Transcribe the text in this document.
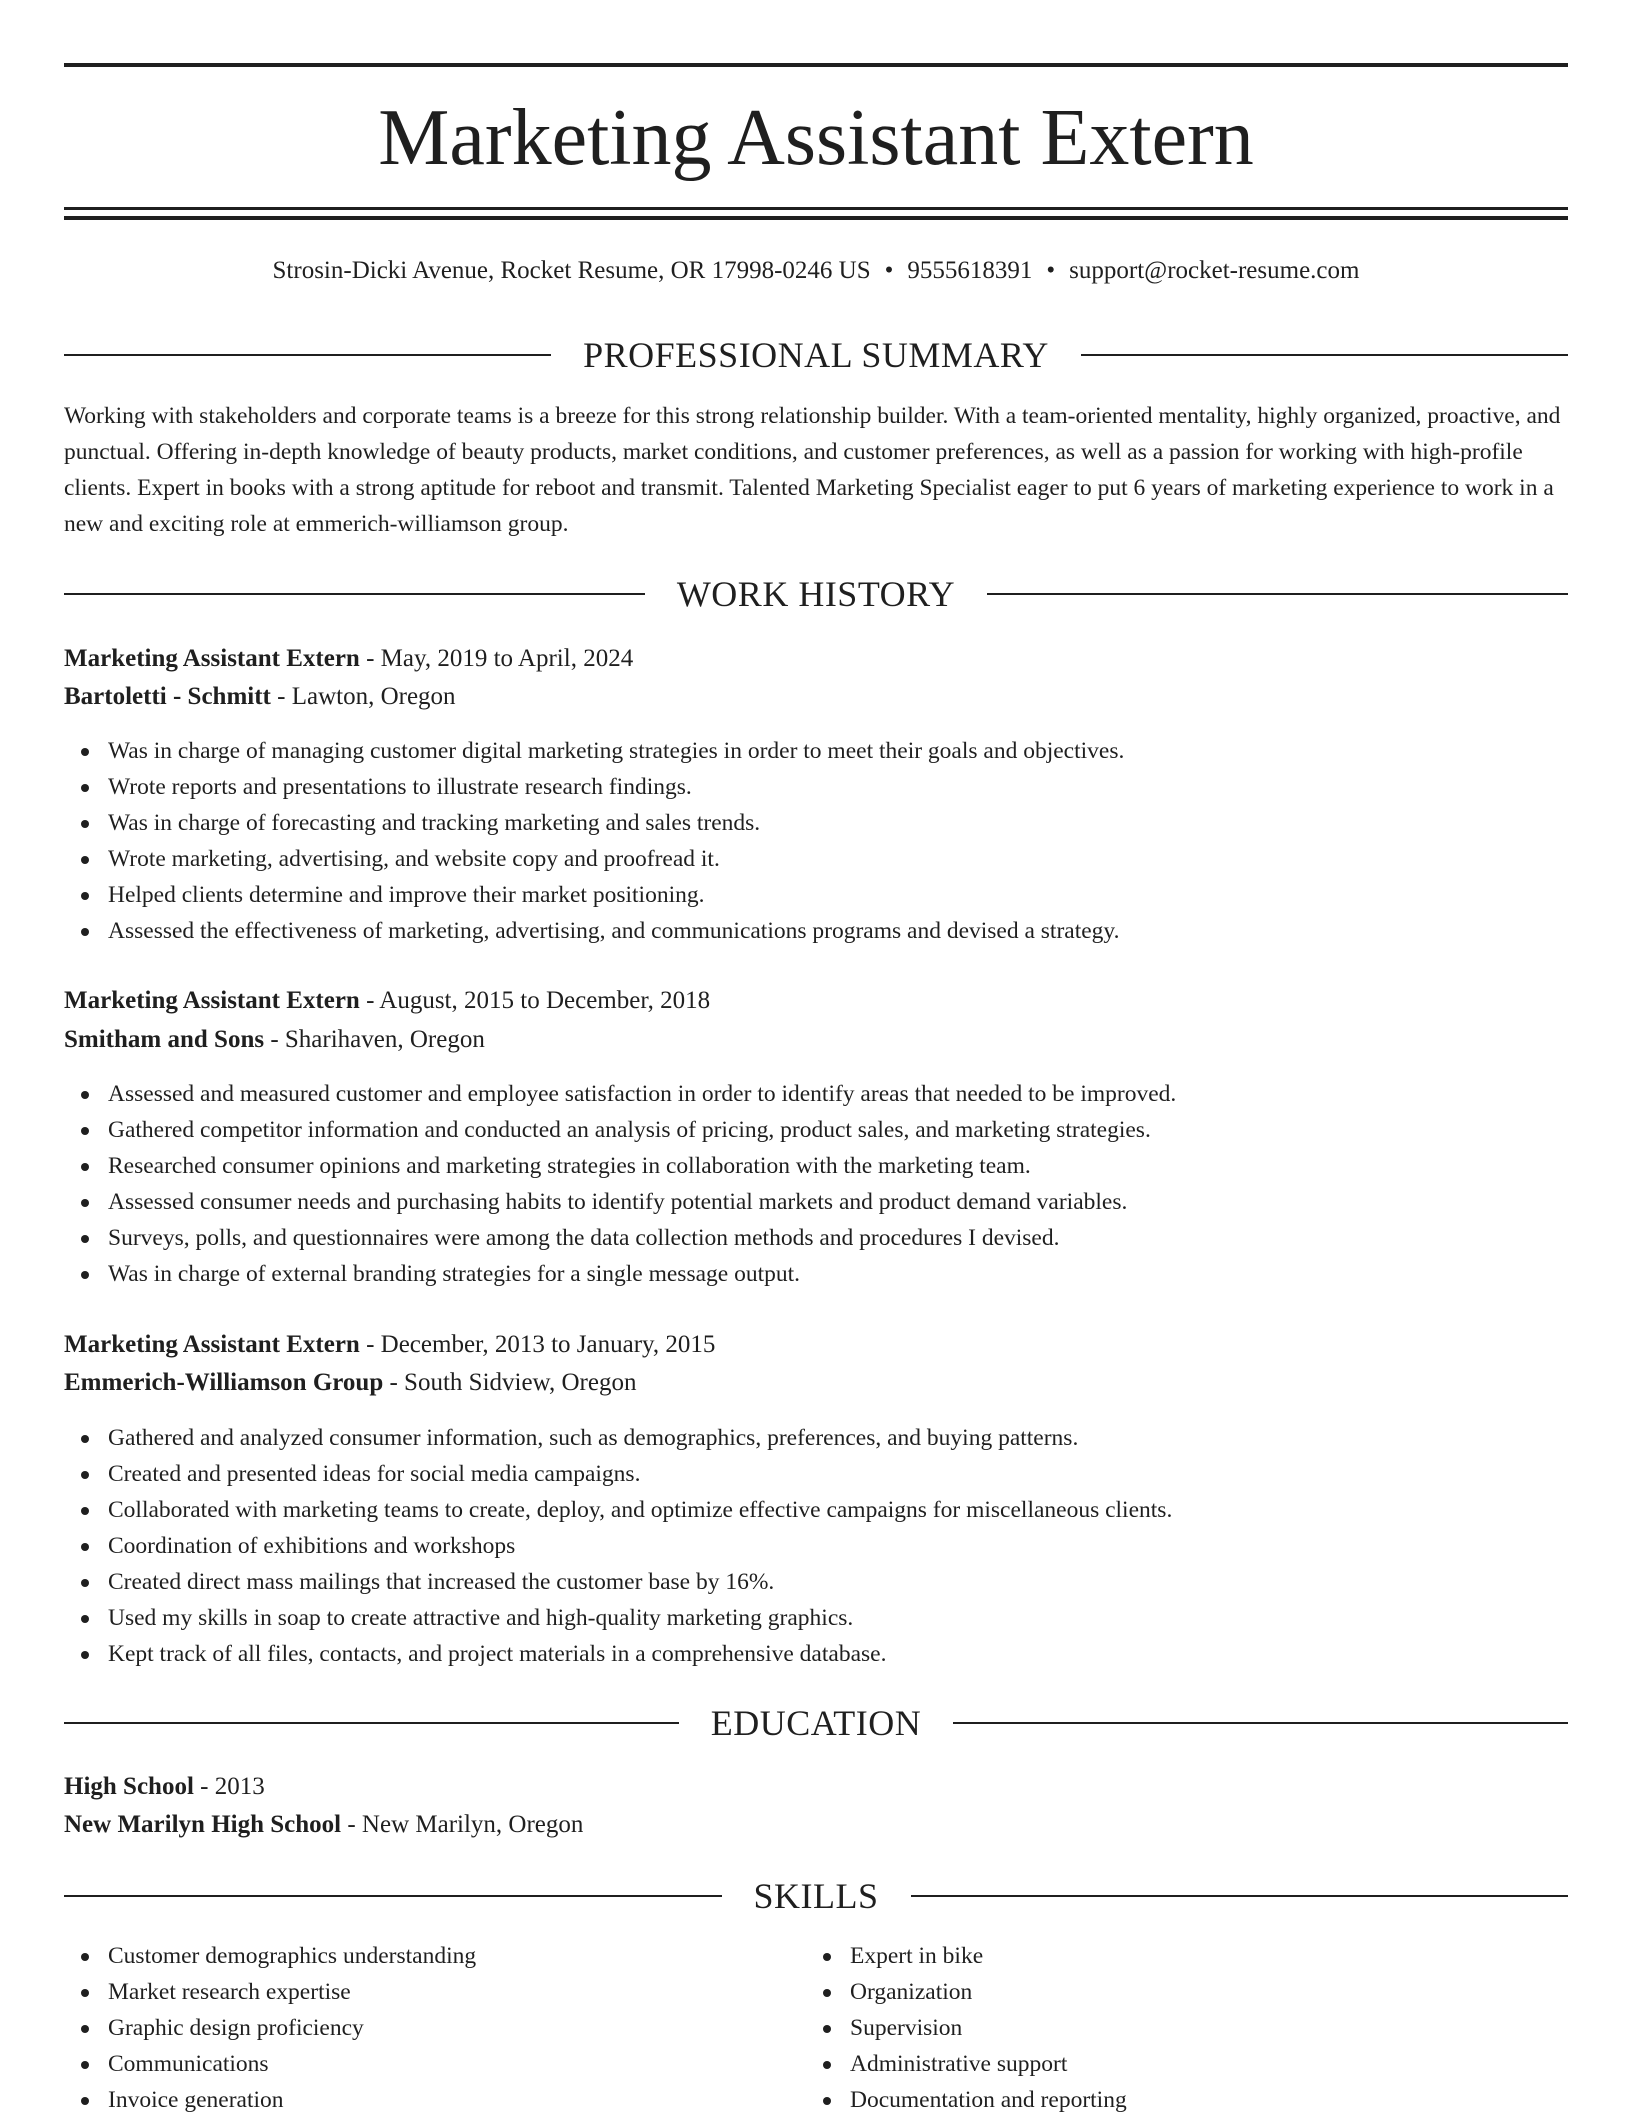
Marketing Assistant Extern
Strosin-Dicki Avenue, Rocket Resume, OR 17998-0246 US • 9555618391 • support@rocket-resume.com
PROFESSIONAL SUMMARY

Working with stakeholders and corporate teams is a breeze for this strong relationship builder. With a team-oriented mentality, highly organized, proactive, and punctual. Offering in-depth knowledge of beauty products, market conditions, and customer preferences, as well as a passion for working with high-profile clients. Expert in books with a strong aptitude for reboot and transmit. Talented Marketing Specialist eager to put 6 years of marketing experience to work in a new and exciting role at emmerich-williamson group.

WORK HISTORY
Marketing Assistant Extern - May, 2019 to April, 2024
Bartoletti - Schmitt - Lawton, Oregon
Was in charge of managing customer digital marketing strategies in order to meet their goals and objectives.
Wrote reports and presentations to illustrate research findings.
Was in charge of forecasting and tracking marketing and sales trends.
Wrote marketing, advertising, and website copy and proofread it.
Helped clients determine and improve their market positioning.
Assessed the effectiveness of marketing, advertising, and communications programs and devised a strategy.
Marketing Assistant Extern - August, 2015 to December, 2018
Smitham and Sons - Sharihaven, Oregon
Assessed and measured customer and employee satisfaction in order to identify areas that needed to be improved.
Gathered competitor information and conducted an analysis of pricing, product sales, and marketing strategies.
Researched consumer opinions and marketing strategies in collaboration with the marketing team.
Assessed consumer needs and purchasing habits to identify potential markets and product demand variables.
Surveys, polls, and questionnaires were among the data collection methods and procedures I devised.
Was in charge of external branding strategies for a single message output.
Marketing Assistant Extern - December, 2013 to January, 2015
Emmerich-Williamson Group - South Sidview, Oregon
Gathered and analyzed consumer information, such as demographics, preferences, and buying patterns.
Created and presented ideas for social media campaigns.
Collaborated with marketing teams to create, deploy, and optimize effective campaigns for miscellaneous clients.
Coordination of exhibitions and workshops
Created direct mass mailings that increased the customer base by 16%.
Used my skills in soap to create attractive and high-quality marketing graphics.
Kept track of all files, contacts, and project materials in a comprehensive database.
EDUCATION
High School - 2013
New Marilyn High School - New Marilyn, Oregon
SKILLS
Customer demographics understanding
Market research expertise
Graphic design proficiency
Communications
Invoice generation
Expert in bike
Organization
Supervision
Administrative support
Documentation and reporting
